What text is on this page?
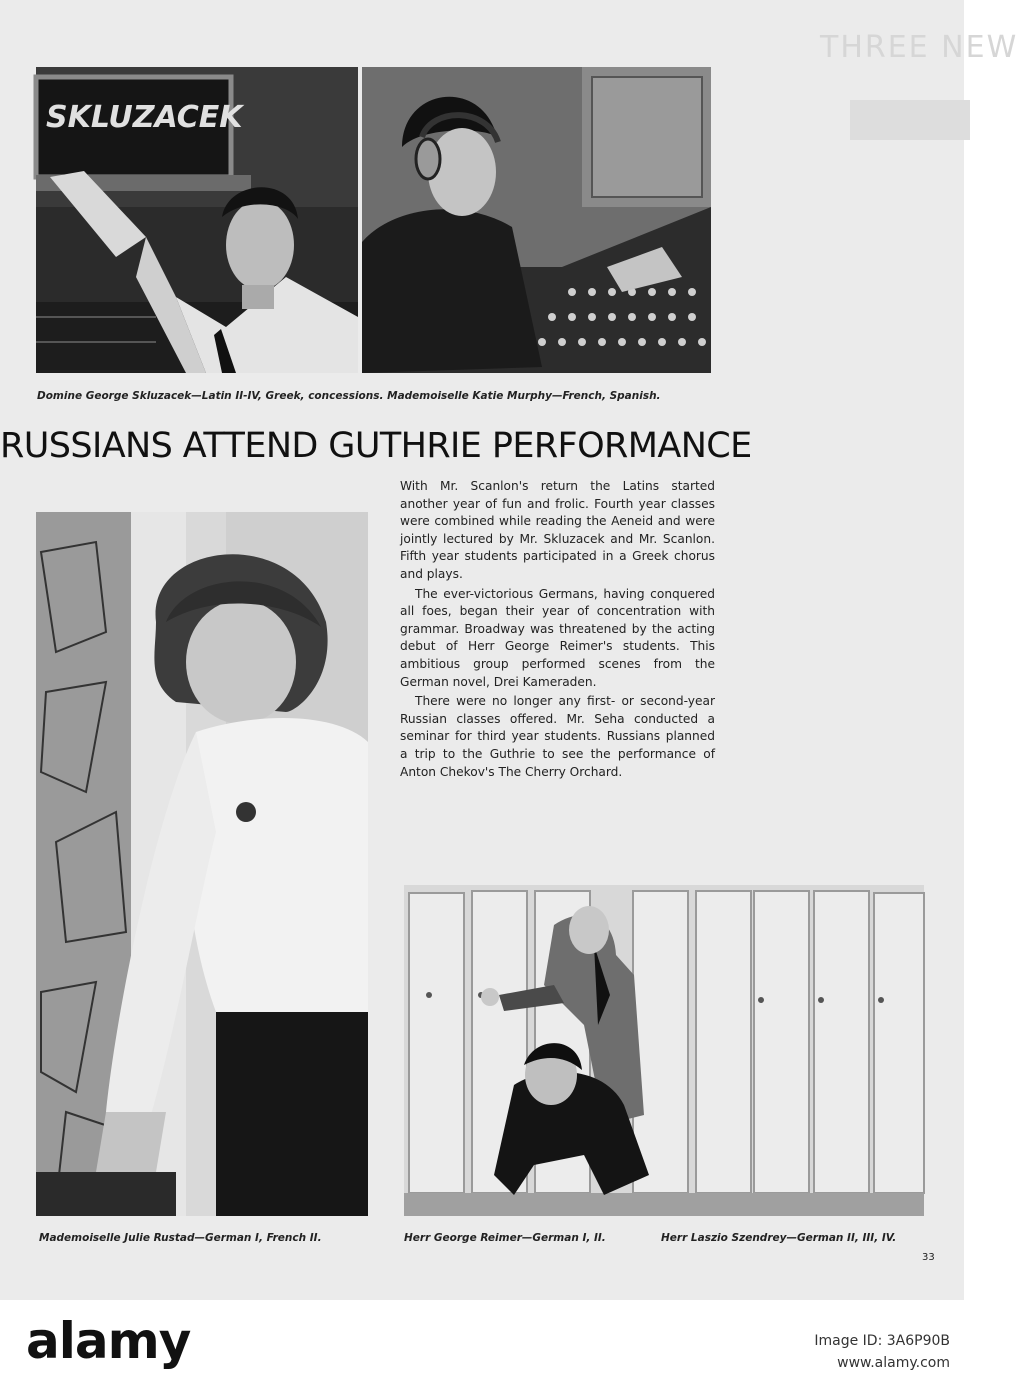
THREE NEW
SKLUZACEK
Domine George Skluzacek—Latin II-IV, Greek, concessions. Mademoiselle Katie Murphy—French, Spanish.
RUSSIANS ATTEND GUTHRIE PERFORMANCE

With Mr. Scanlon's return the Latins started another year of fun and frolic. Fourth year classes were combined while reading the Aeneid and were jointly lectured by Mr. Skluzacek and Mr. Scanlon. Fifth year students participated in a Greek chorus and plays.

The ever-victorious Germans, having conquered all foes, began their year of concentration with grammar. Broadway was threatened by the acting debut of Herr George Reimer's students. This ambitious group performed scenes from the German novel, Drei Kameraden.

There were no longer any first- or second-year Russian classes offered. Mr. Seha conducted a seminar for third year students. Russians planned a trip to the Guthrie to see the performance of Anton Chekov's The Cherry Orchard.

Mademoiselle Julie Rustad—German I, French II.	Herr George Reimer—German I, II.	Herr Laszio Szendrey—German II, III, IV.
33
alamy	Image ID: 3A6P90B
www.alamy.com
